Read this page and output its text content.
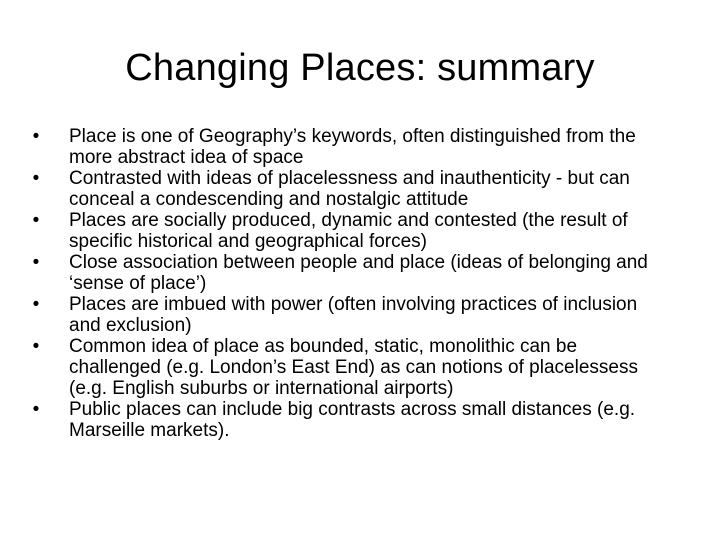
Changing Places: summary
• Place is one of Geography’s keywords, often distinguished from the more abstract idea of space
• Contrasted with ideas of placelessness and inauthenticity - but can conceal a condescending and nostalgic attitude
• Places are socially produced, dynamic and contested (the result of specific historical and geographical forces)
• Close association between people and place (ideas of belonging and ‘sense of place’)
• Places are imbued with power (often involving practices of inclusion and exclusion)
• Common idea of place as bounded, static, monolithic can be challenged (e.g. London’s East End) as can notions of placelessess (e.g. English suburbs or international airports)
• Public places can include big contrasts across small distances (e.g. Marseille markets).
